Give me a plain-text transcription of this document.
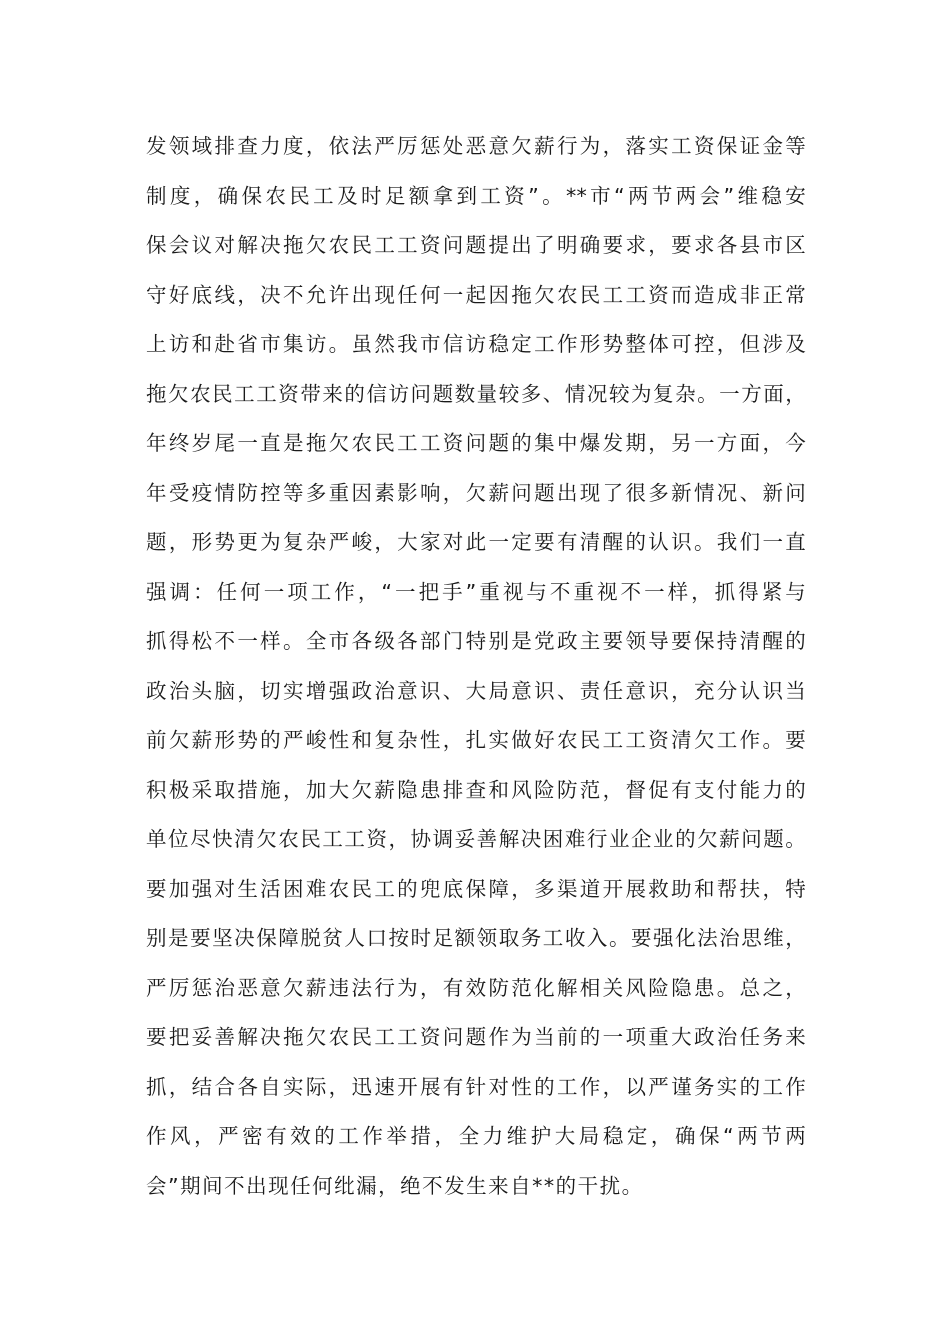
发领域排查力度，依法严厉惩处恶意欠薪行为，落实工资保证金等
制度，确保农民工及时足额拿到工资”。**市“两节两会”维稳安
保会议对解决拖欠农民工工资问题提出了明确要求，要求各县市区
守好底线，决不允许出现任何一起因拖欠农民工工资而造成非正常
上访和赴省市集访。虽然我市信访稳定工作形势整体可控，但涉及
拖欠农民工工资带来的信访问题数量较多、情况较为复杂。一方面，
年终岁尾一直是拖欠农民工工资问题的集中爆发期，另一方面，今
年受疫情防控等多重因素影响，欠薪问题出现了很多新情况、新问
题，形势更为复杂严峻，大家对此一定要有清醒的认识。我们一直
强调：任何一项工作，“一把手”重视与不重视不一样，抓得紧与
抓得松不一样。全市各级各部门特别是党政主要领导要保持清醒的
政治头脑，切实增强政治意识、大局意识、责任意识，充分认识当
前欠薪形势的严峻性和复杂性，扎实做好农民工工资清欠工作。要
积极采取措施，加大欠薪隐患排查和风险防范，督促有支付能力的
单位尽快清欠农民工工资，协调妥善解决困难行业企业的欠薪问题。
要加强对生活困难农民工的兜底保障，多渠道开展救助和帮扶，特
别是要坚决保障脱贫人口按时足额领取务工收入。要强化法治思维，
严厉惩治恶意欠薪违法行为，有效防范化解相关风险隐患。总之，
要把妥善解决拖欠农民工工资问题作为当前的一项重大政治任务来
抓，结合各自实际，迅速开展有针对性的工作，以严谨务实的工作
作风，严密有效的工作举措，全力维护大局稳定，确保“两节两
会”期间不出现任何纰漏，绝不发生来自**的干扰。
